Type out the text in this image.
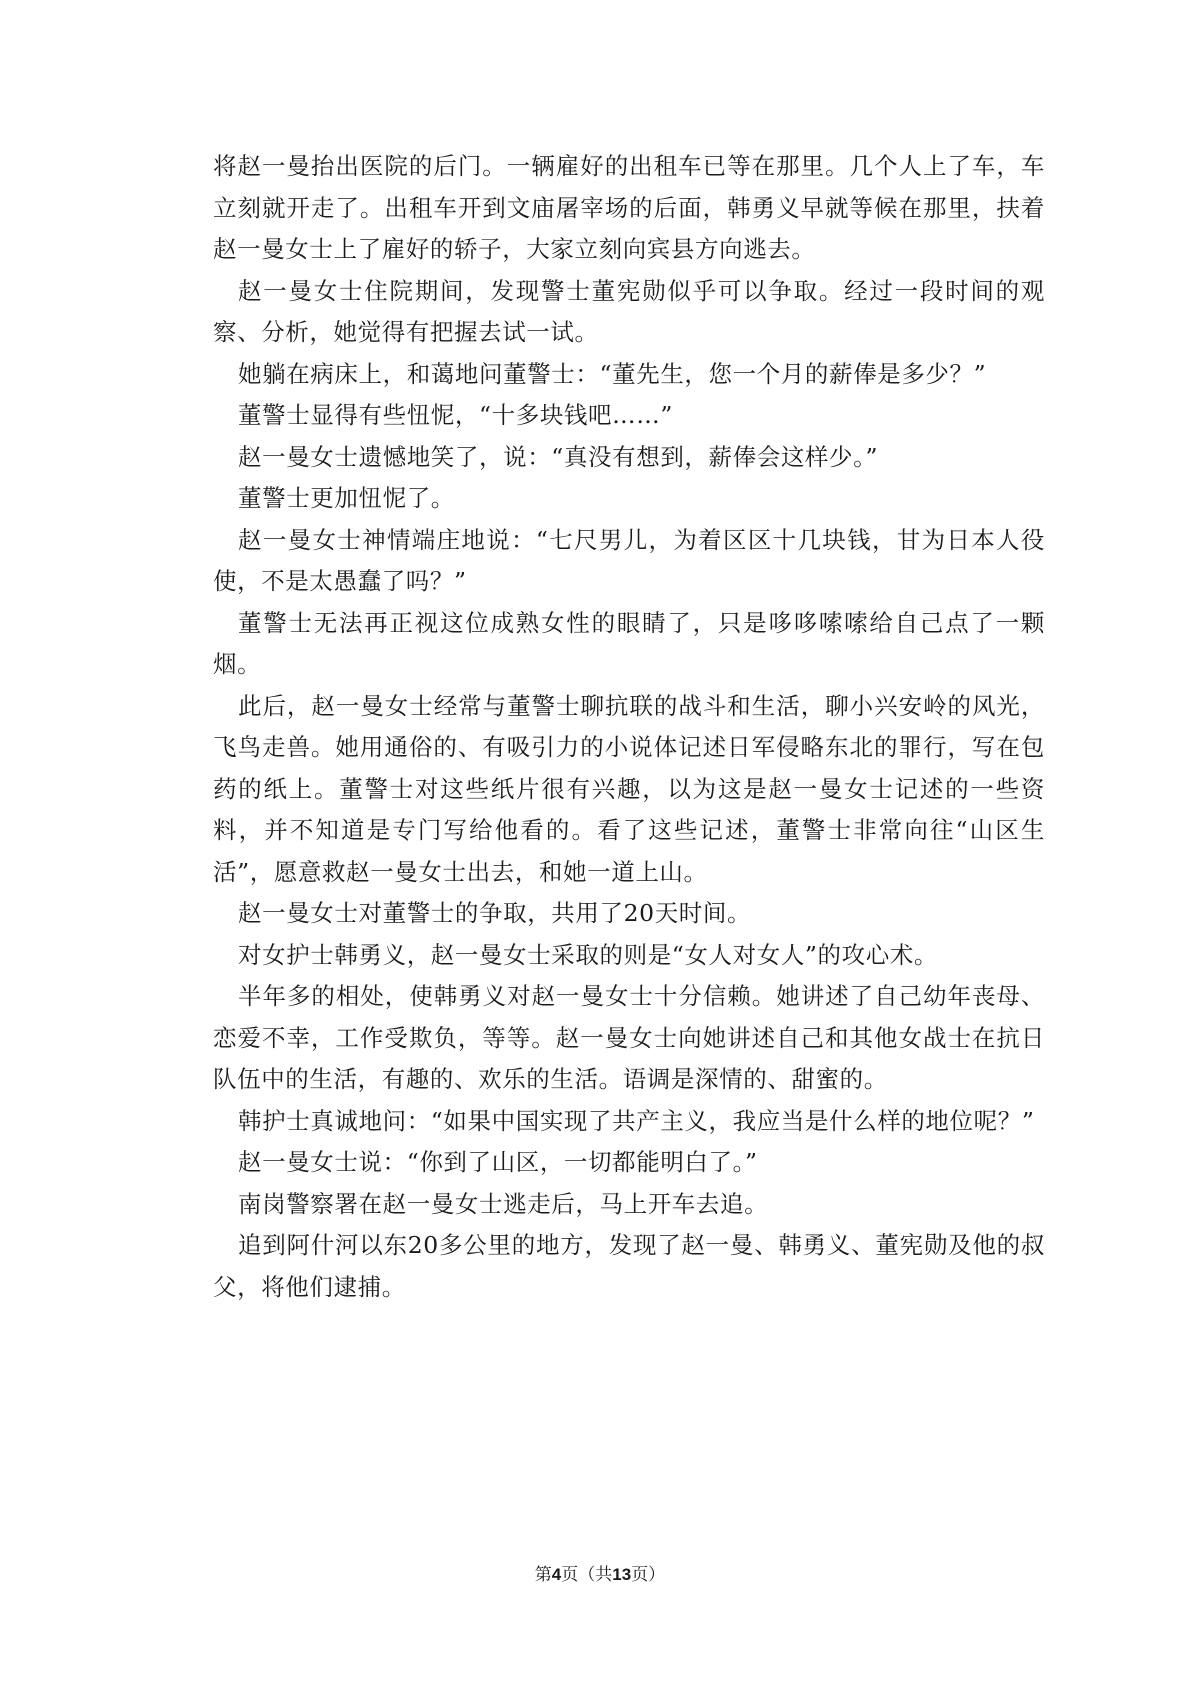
将赵一曼抬出医院的后门。一辆雇好的出租车已等在那里。几个人上了车，车立刻就开走了。出租车开到文庙屠宰场的后面，韩勇义早就等候在那里，扶着赵一曼女士上了雇好的轿子，大家立刻向宾县方向逃去。

赵一曼女士住院期间，发现警士董宪勋似乎可以争取。经过一段时间的观察、分析，她觉得有把握去试一试。

她躺在病床上，和蔼地问董警士：“董先生，您一个月的薪俸是多少？”

董警士显得有些忸怩，“十多块钱吧……”

赵一曼女士遗憾地笑了，说：“真没有想到，薪俸会这样少。”

董警士更加忸怩了。

赵一曼女士神情端庄地说：“七尺男儿，为着区区十几块钱，甘为日本人役使，不是太愚蠢了吗？”

董警士无法再正视这位成熟女性的眼睛了，只是哆哆嗦嗦给自己点了一颗烟。

此后，赵一曼女士经常与董警士聊抗联的战斗和生活，聊小兴安岭的风光，飞鸟走兽。她用通俗的、有吸引力的小说体记述日军侵略东北的罪行，写在包药的纸上。董警士对这些纸片很有兴趣，以为这是赵一曼女士记述的一些资料，并不知道是专门写给他看的。看了这些记述，董警士非常向往“山区生活”，愿意救赵一曼女士出去，和她一道上山。

赵一曼女士对董警士的争取，共用了20天时间。

对女护士韩勇义，赵一曼女士采取的则是“女人对女人”的攻心术。

半年多的相处，使韩勇义对赵一曼女士十分信赖。她讲述了自己幼年丧母、恋爱不幸，工作受欺负，等等。赵一曼女士向她讲述自己和其他女战士在抗日队伍中的生活，有趣的、欢乐的生活。语调是深情的、甜蜜的。

韩护士真诚地问：“如果中国实现了共产主义，我应当是什么样的地位呢？”

赵一曼女士说：“你到了山区，一切都能明白了。”

南岗警察署在赵一曼女士逃走后，马上开车去追。

追到阿什河以东20多公里的地方，发现了赵一曼、韩勇义、董宪勋及他的叔父，将他们逮捕。

第4页（共13页）
